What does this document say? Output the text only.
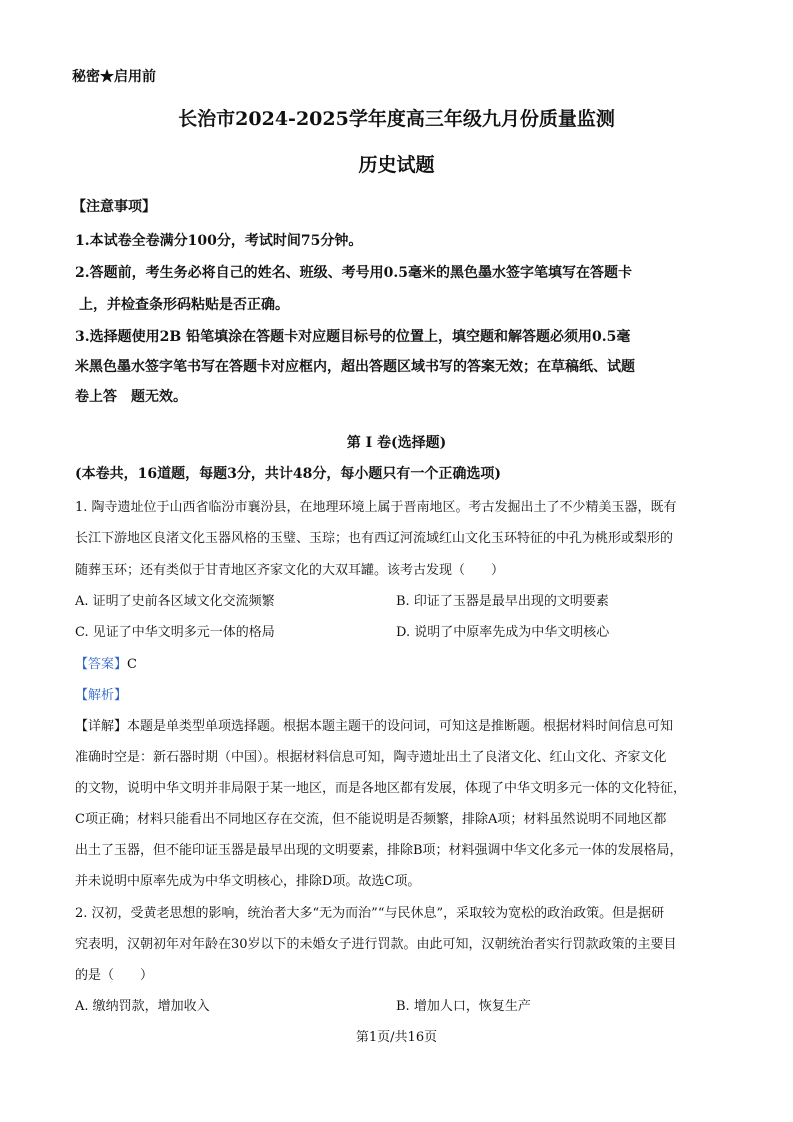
秘密★启用前
长治市2024-2025学年度高三年级九月份质量监测
历史试题
【注意事项】
1.本试卷全卷满分100分，考试时间75分钟。
2.答题前，考生务必将自己的姓名、班级、考号用0.5毫米的黑色墨水签字笔填写在答题卡
上，并检查条形码粘贴是否正确。
3.选择题使用2B 铅笔填涂在答题卡对应题目标号的位置上，填空题和解答题必须用0.5毫
米黑色墨水签字笔书写在答题卡对应框内，超出答题区域书写的答案无效；在草稿纸、试题
卷上答　题无效。
第 I 卷(选择题)
(本卷共，16道题，每题3分，共计48分，每小题只有一个正确选项)
1. 陶寺遗址位于山西省临汾市襄汾县，在地理环境上属于晋南地区。考古发掘出土了不少精美玉器，既有
长江下游地区良渚文化玉器风格的玉璧、玉琮；也有西辽河流域红山文化玉环特征的中孔为桃形或梨形的
随葬玉环；还有类似于甘青地区齐家文化的大双耳罐。该考古发现（　　）
A. 证明了史前各区域文化交流频繁	B. 印证了玉器是最早出现的文明要素
C. 见证了中华文明多元一体的格局	D. 说明了中原率先成为中华文明核心
【答案】C
【解析】
【详解】本题是单类型单项选择题。根据本题主题干的设问词，可知这是推断题。根据材料时间信息可知
准确时空是：新石器时期（中国）。根据材料信息可知，陶寺遗址出土了良渚文化、红山文化、齐家文化
的文物，说明中华文明并非局限于某一地区，而是各地区都有发展，体现了中华文明多元一体的文化特征，
C项正确；材料只能看出不同地区存在交流，但不能说明是否频繁，排除A项；材料虽然说明不同地区都
出土了玉器，但不能印证玉器是最早出现的文明要素，排除B项；材料强调中华文化多元一体的发展格局，
并未说明中原率先成为中华文明核心，排除D项。故选C项。
2. 汉初，受黄老思想的影响，统治者大多“无为而治”“与民休息”，采取较为宽松的政治政策。但是据研
究表明，汉朝初年对年龄在30岁以下的未婚女子进行罚款。由此可知，汉朝统治者实行罚款政策的主要目
的是（　　）
A. 缴纳罚款，增加收入	B. 增加人口，恢复生产
第1页/共16页
